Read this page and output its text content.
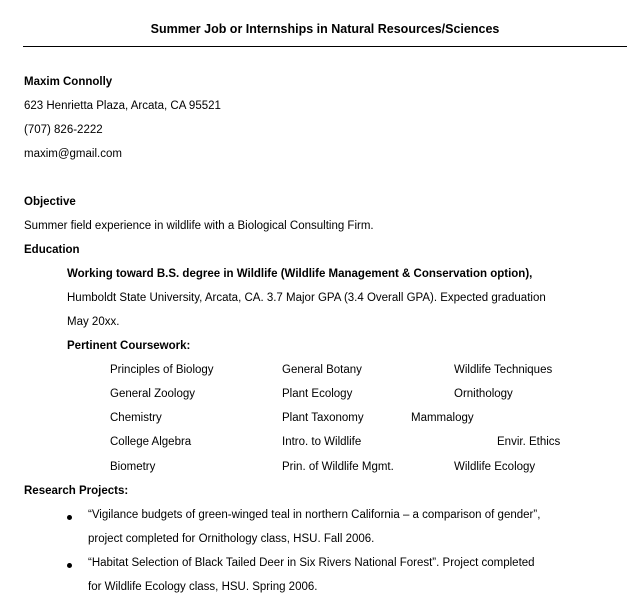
Summer Job or Internships in Natural Resources/Sciences
Maxim Connolly
623 Henrietta Plaza, Arcata, CA 95521
(707) 826-2222
maxim@gmail.com
Objective
Summer field experience in wildlife with a Biological Consulting Firm.
Education
Working toward B.S. degree in Wildlife (Wildlife Management & Conservation option),
Humboldt State University, Arcata, CA. 3.7 Major GPA (3.4 Overall GPA). Expected graduation
May 20xx.
Pertinent Coursework:
Principles of Biology	General Botany	Wildlife Techniques
General Zoology	Plant Ecology	Ornithology
Chemistry	Plant Taxonomy	Mammalogy
College Algebra	Intro. to Wildlife	Envir. Ethics
Biometry	Prin. of Wildlife Mgmt.	Wildlife Ecology
Research Projects:
“Vigilance budgets of green-winged teal in northern California – a comparison of gender”,
project completed for Ornithology class, HSU. Fall 2006.
“Habitat Selection of Black Tailed Deer in Six Rivers National Forest”. Project completed
for Wildlife Ecology class, HSU. Spring 2006.
